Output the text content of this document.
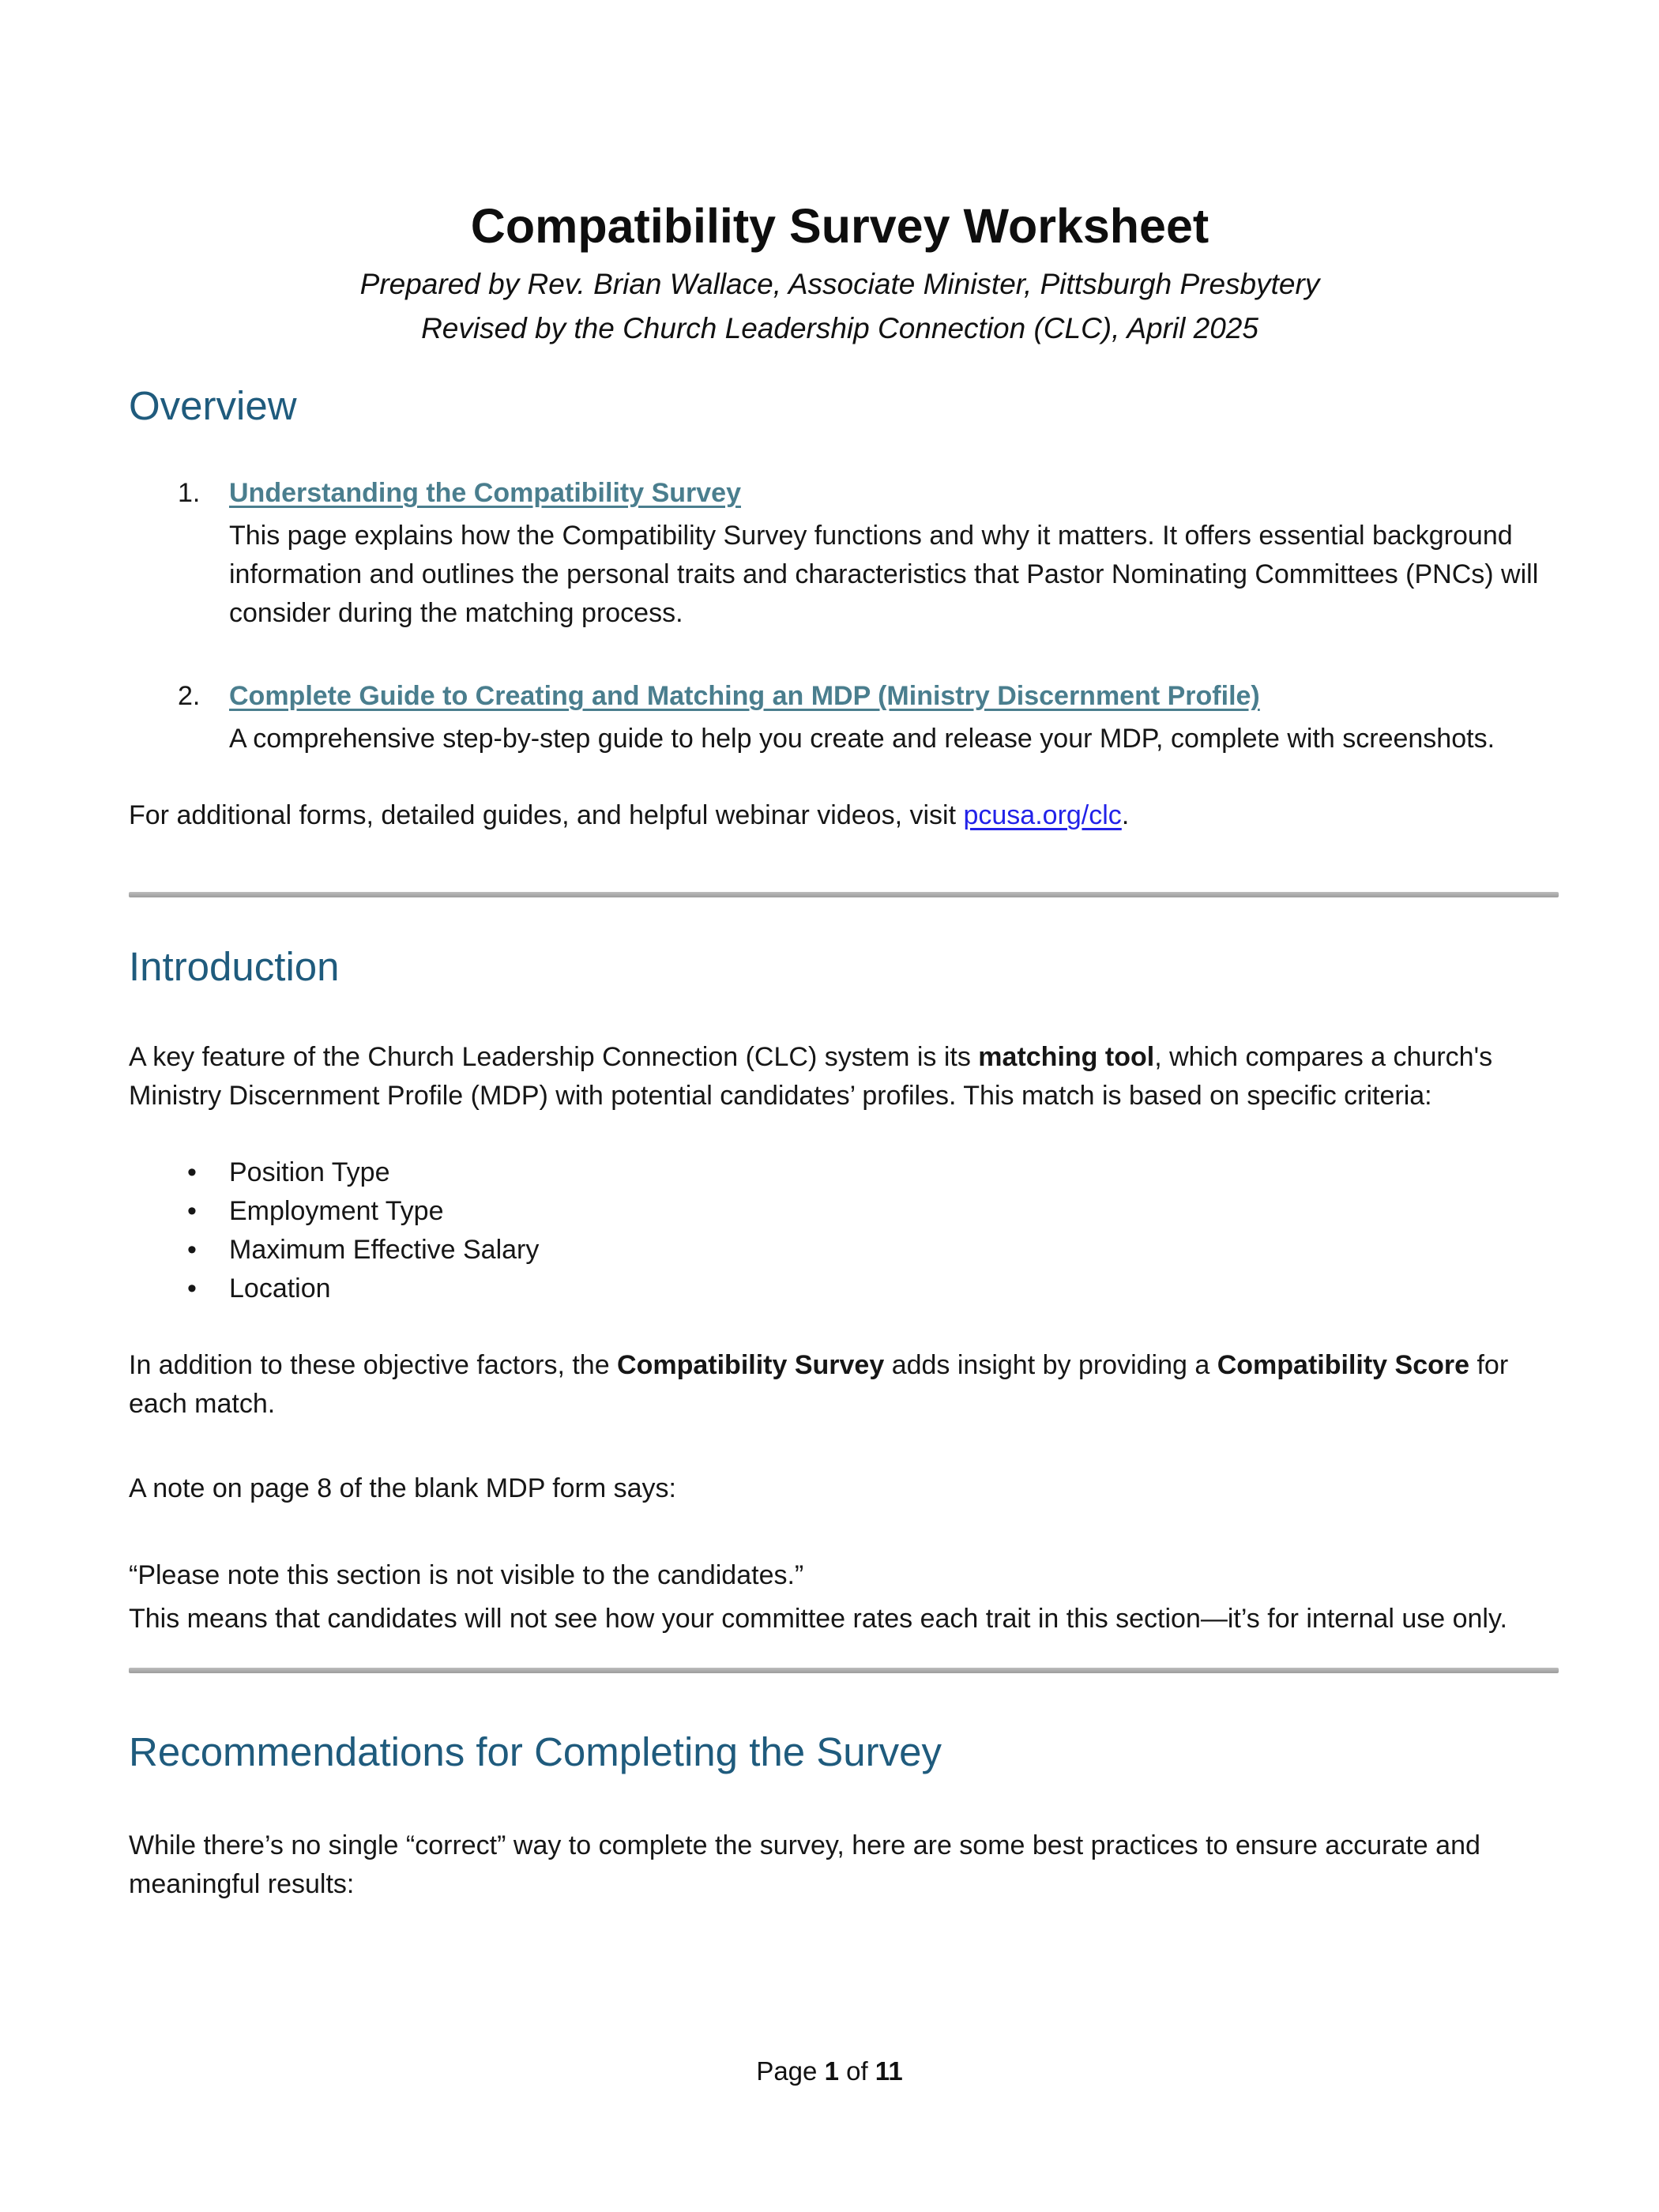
Compatibility Survey Worksheet

Prepared by Rev. Brian Wallace, Associate Minister, Pittsburgh Presbytery
Revised by the Church Leadership Connection (CLC), April 2025

Overview
1.	Understanding the Compatibility Survey
This page explains how the Compatibility Survey functions and why it matters. It offers essential background information and outlines the personal traits and characteristics that Pastor Nominating Committees (PNCs) will consider during the matching process.
2.	Complete Guide to Creating and Matching an MDP (Ministry Discernment Profile)
A comprehensive step-by-step guide to help you create and release your MDP, complete with screenshots.

For additional forms, detailed guides, and helpful webinar videos, visit pcusa.org/clc.

Introduction

A key feature of the Church Leadership Connection (CLC) system is its matching tool, which compares a church's Ministry Discernment Profile (MDP) with potential candidates’ profiles. This match is based on specific criteria:

•	Position Type
•	Employment Type
•	Maximum Effective Salary
•	Location

In addition to these objective factors, the Compatibility Survey adds insight by providing a Compatibility Score for each match.

A note on page 8 of the blank MDP form says:

“Please note this section is not visible to the candidates.”
This means that candidates will not see how your committee rates each trait in this section—it’s for internal use only.

Recommendations for Completing the Survey

While there’s no single “correct” way to complete the survey, here are some best practices to ensure accurate and meaningful results:

Page 1 of 11
